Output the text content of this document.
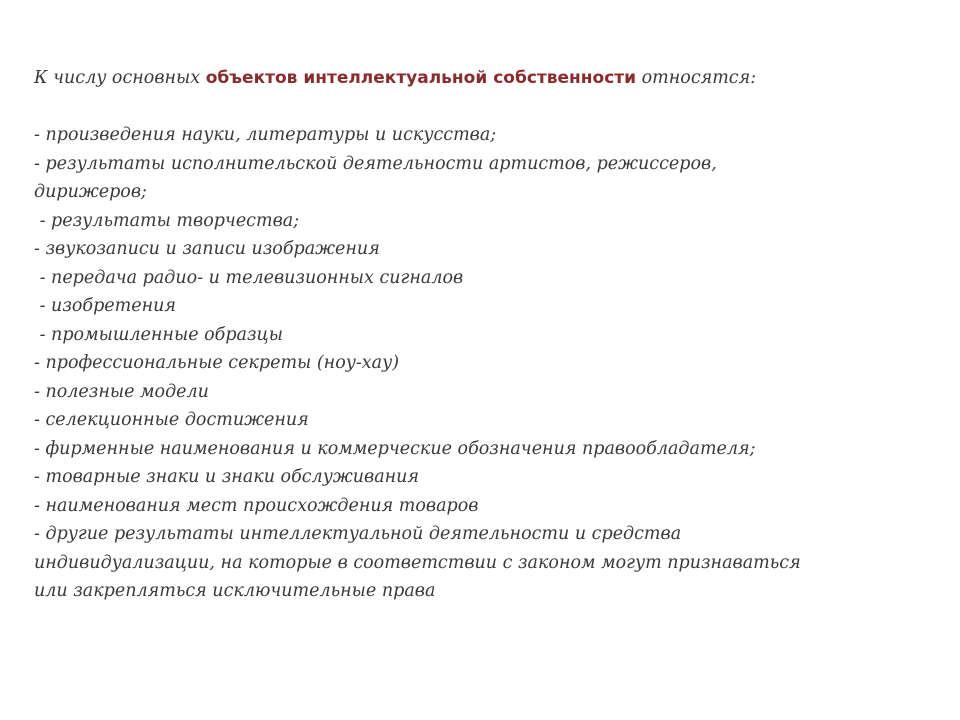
К числу основных объектов интеллектуальной собственности относятся:
- произведения науки, литературы и искусства;
- результаты исполнительской деятельности артистов, режиссеров,
дирижеров;
- результаты творчества;
- звукозаписи и записи изображения
- передача радио- и телевизионных сигналов
- изобретения
- промышленные образцы
- профессиональные секреты (ноу-хау)
- полезные модели
- селекционные достижения
- фирменные наименования и коммерческие обозначения правообладателя;
- товарные знаки и знаки обслуживания
- наименования мест происхождения товаров
- другие результаты интеллектуальной деятельности и средства
индивидуализации, на которые в соответствии с законом могут признаваться
или закрепляться исключительные права
